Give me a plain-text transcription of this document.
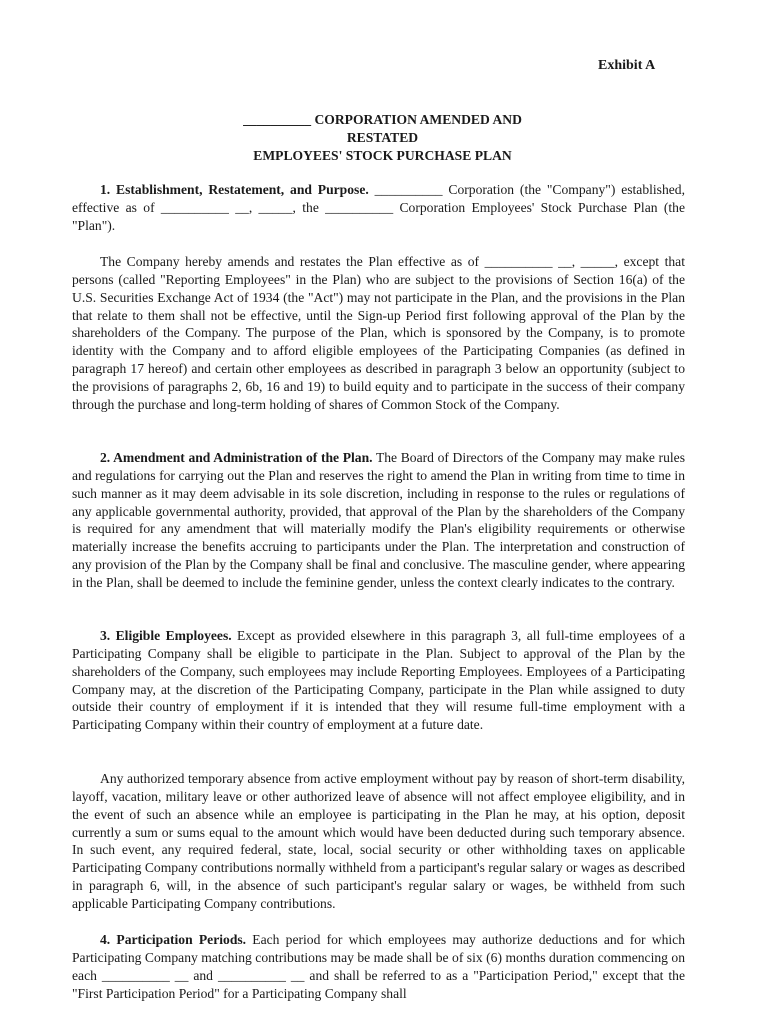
Exhibit A
__________ CORPORATION AMENDED AND
RESTATED
EMPLOYEES' STOCK PURCHASE PLAN

1. Establishment, Restatement, and Purpose. __________ Corporation (the "Company") established, effective as of __________ __, _____, the __________ Corporation Employees' Stock Purchase Plan (the "Plan").

The Company hereby amends and restates the Plan effective as of __________ __, _____, except that persons (called "Reporting Employees" in the Plan) who are subject to the provisions of Section 16(a) of the U.S. Securities Exchange Act of 1934 (the "Act") may not participate in the Plan, and the provisions in the Plan that relate to them shall not be effective, until the Sign-up Period first following approval of the Plan by the shareholders of the Company. The purpose of the Plan, which is sponsored by the Company, is to promote identity with the Company and to afford eligible employees of the Participating Companies (as defined in paragraph 17 hereof) and certain other employees as described in paragraph 3 below an opportunity (subject to the provisions of paragraphs 2, 6b, 16 and 19) to build equity and to participate in the success of their company through the purchase and long-term holding of shares of Common Stock of the Company.

2. Amendment and Administration of the Plan. The Board of Directors of the Company may make rules and regulations for carrying out the Plan and reserves the right to amend the Plan in writing from time to time in such manner as it may deem advisable in its sole discretion, including in response to the rules or regulations of any applicable governmental authority, provided, that approval of the Plan by the shareholders of the Company is required for any amendment that will materially modify the Plan's eligibility requirements or otherwise materially increase the benefits accruing to participants under the Plan. The interpretation and construction of any provision of the Plan by the Company shall be final and conclusive. The masculine gender, where appearing in the Plan, shall be deemed to include the feminine gender, unless the context clearly indicates to the contrary.

3. Eligible Employees. Except as provided elsewhere in this paragraph 3, all full-time employees of a Participating Company shall be eligible to participate in the Plan. Subject to approval of the Plan by the shareholders of the Company, such employees may include Reporting Employees. Employees of a Participating Company may, at the discretion of the Participating Company, participate in the Plan while assigned to duty outside their country of employment if it is intended that they will resume full-time employment with a Participating Company within their country of employment at a future date.

Any authorized temporary absence from active employment without pay by reason of short-term disability, layoff, vacation, military leave or other authorized leave of absence will not affect employee eligibility, and in the event of such an absence while an employee is participating in the Plan he may, at his option, deposit currently a sum or sums equal to the amount which would have been deducted during such temporary absence. In such event, any required federal, state, local, social security or other withholding taxes on applicable Participating Company contributions normally withheld from a participant's regular salary or wages as described in paragraph 6, will, in the absence of such participant's regular salary or wages, be withheld from such applicable Participating Company contributions.

4. Participation Periods. Each period for which employees may authorize deductions and for which Participating Company matching contributions may be made shall be of six (6) months duration commencing on each __________ __ and __________ __ and shall be referred to as a "Participation Period," except that the "First Participation Period" for a Participating Company shall
